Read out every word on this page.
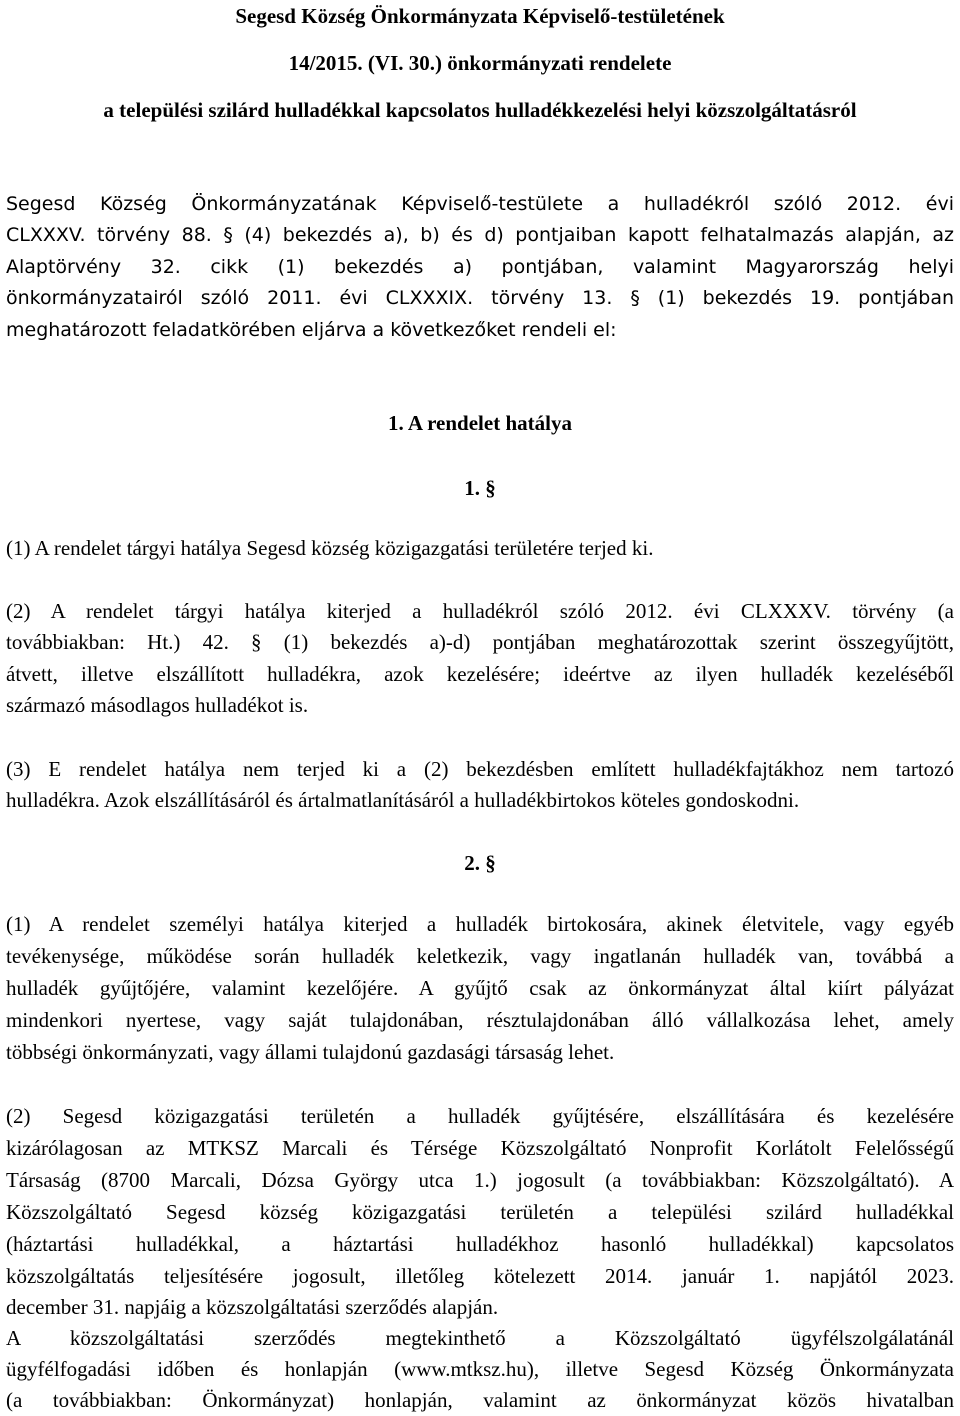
Segesd Község Önkormányzata Képviselő-testületének
14/2015. (VI. 30.) önkormányzati rendelete
a települési szilárd hulladékkal kapcsolatos hulladékkezelési helyi közszolgáltatásról
Segesd Község Önkormányzatának Képviselő-testülete a hulladékról szóló 2012. évi
CLXXXV. törvény 88. § (4) bekezdés a), b) és d) pontjaiban kapott felhatalmazás alapján, az
Alaptörvény 32. cikk (1) bekezdés a) pontjában, valamint Magyarország helyi
önkormányzatairól szóló 2011. évi CLXXXIX. törvény 13. § (1) bekezdés 19. pontjában
meghatározott feladatkörében eljárva a következőket rendeli el:
1. A rendelet hatálya
1. §
(1) A rendelet tárgyi hatálya Segesd község közigazgatási területére terjed ki.
(2) A rendelet tárgyi hatálya kiterjed a hulladékról szóló 2012. évi CLXXXV. törvény (a
továbbiakban: Ht.) 42. § (1) bekezdés a)-d) pontjában meghatározottak szerint összegyűjtött,
átvett, illetve elszállított hulladékra, azok kezelésére; ideértve az ilyen hulladék kezeléséből
származó másodlagos hulladékot is.
(3) E rendelet hatálya nem terjed ki a (2) bekezdésben említett hulladékfajtákhoz nem tartozó
hulladékra. Azok elszállításáról és ártalmatlanításáról a hulladékbirtokos köteles gondoskodni.
2. §
(1) A rendelet személyi hatálya kiterjed a hulladék birtokosára, akinek életvitele, vagy egyéb
tevékenysége, működése során hulladék keletkezik, vagy ingatlanán hulladék van, továbbá a
hulladék gyűjtőjére, valamint kezelőjére. A gyűjtő csak az önkormányzat által kiírt pályázat
mindenkori nyertese, vagy saját tulajdonában, résztulajdonában álló vállalkozása lehet, amely
többségi önkormányzati, vagy állami tulajdonú gazdasági társaság lehet.
(2) Segesd közigazgatási területén a hulladék gyűjtésére, elszállítására és kezelésére
kizárólagosan az MTKSZ Marcali és Térsége Közszolgáltató Nonprofit Korlátolt Felelősségű
Társaság (8700 Marcali, Dózsa György utca 1.) jogosult (a továbbiakban: Közszolgáltató). A
Közszolgáltató Segesd község közigazgatási területén a települési szilárd hulladékkal
(háztartási hulladékkal, a háztartási hulladékhoz hasonló hulladékkal) kapcsolatos
közszolgáltatás teljesítésére jogosult, illetőleg kötelezett 2014. január 1. napjától 2023.
december 31. napjáig a közszolgáltatási szerződés alapján.
A közszolgáltatási szerződés megtekinthető a Közszolgáltató ügyfélszolgálatánál
ügyfélfogadási időben és honlapján (www.mtksz.hu), illetve Segesd Község Önkormányzata
(a továbbiakban: Önkormányzat) honlapján, valamint az önkormányzat közös hivatalban
